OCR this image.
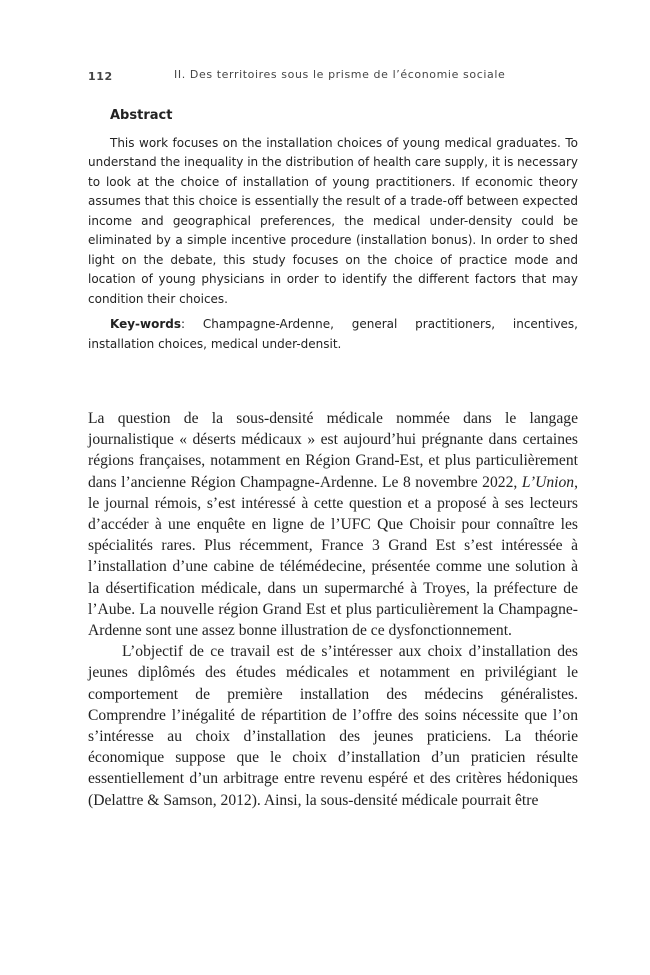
112	II. Des territoires sous le prisme de l’économie sociale
Abstract

This work focuses on the installation choices of young medical graduates. To understand the inequality in the distribution of health care supply, it is necessary to look at the choice of installation of young practitioners. If economic theory assumes that this choice is essentially the result of a trade-off between expected income and geographical preferences, the medical under-density could be eliminated by a simple incentive procedure (installation bonus). In order to shed light on the debate, this study focuses on the choice of practice mode and location of young physicians in order to identify the different factors that may condition their choices.

Key-words: Champagne-Ardenne, general practitioners, incentives, installation choices, medical under-densit.

La question de la sous-densité médicale nommée dans le langage journalistique « déserts médicaux » est aujourd’hui prégnante dans certaines régions françaises, notamment en Région Grand-Est, et plus particulièrement dans l’ancienne Région Champagne-Ardenne. Le 8 novembre 2022, L’Union, le journal rémois, s’est intéressé à cette question et a proposé à ses lecteurs d’accéder à une enquête en ligne de l’UFC Que Choisir pour connaître les spécialités rares. Plus récemment, France 3 Grand Est s’est intéressée à l’installation d’une cabine de télémédecine, présentée comme une solution à la désertification médicale, dans un supermarché à Troyes, la préfecture de l’Aube. La nouvelle région Grand Est et plus particulièrement la Champagne-Ardenne sont une assez bonne illustration de ce dysfonctionnement.

L’objectif de ce travail est de s’intéresser aux choix d’installation des jeunes diplômés des études médicales et notamment en privilégiant le comportement de première installation des médecins généralistes. Comprendre l’inégalité de répartition de l’offre des soins nécessite que l’on s’intéresse au choix d’installation des jeunes praticiens. La théorie économique suppose que le choix d’installation d’un praticien résulte essentiellement d’un arbitrage entre revenu espéré et des critères hédoniques (Delattre & Samson, 2012). Ainsi, la sous-densité médicale pourrait être
